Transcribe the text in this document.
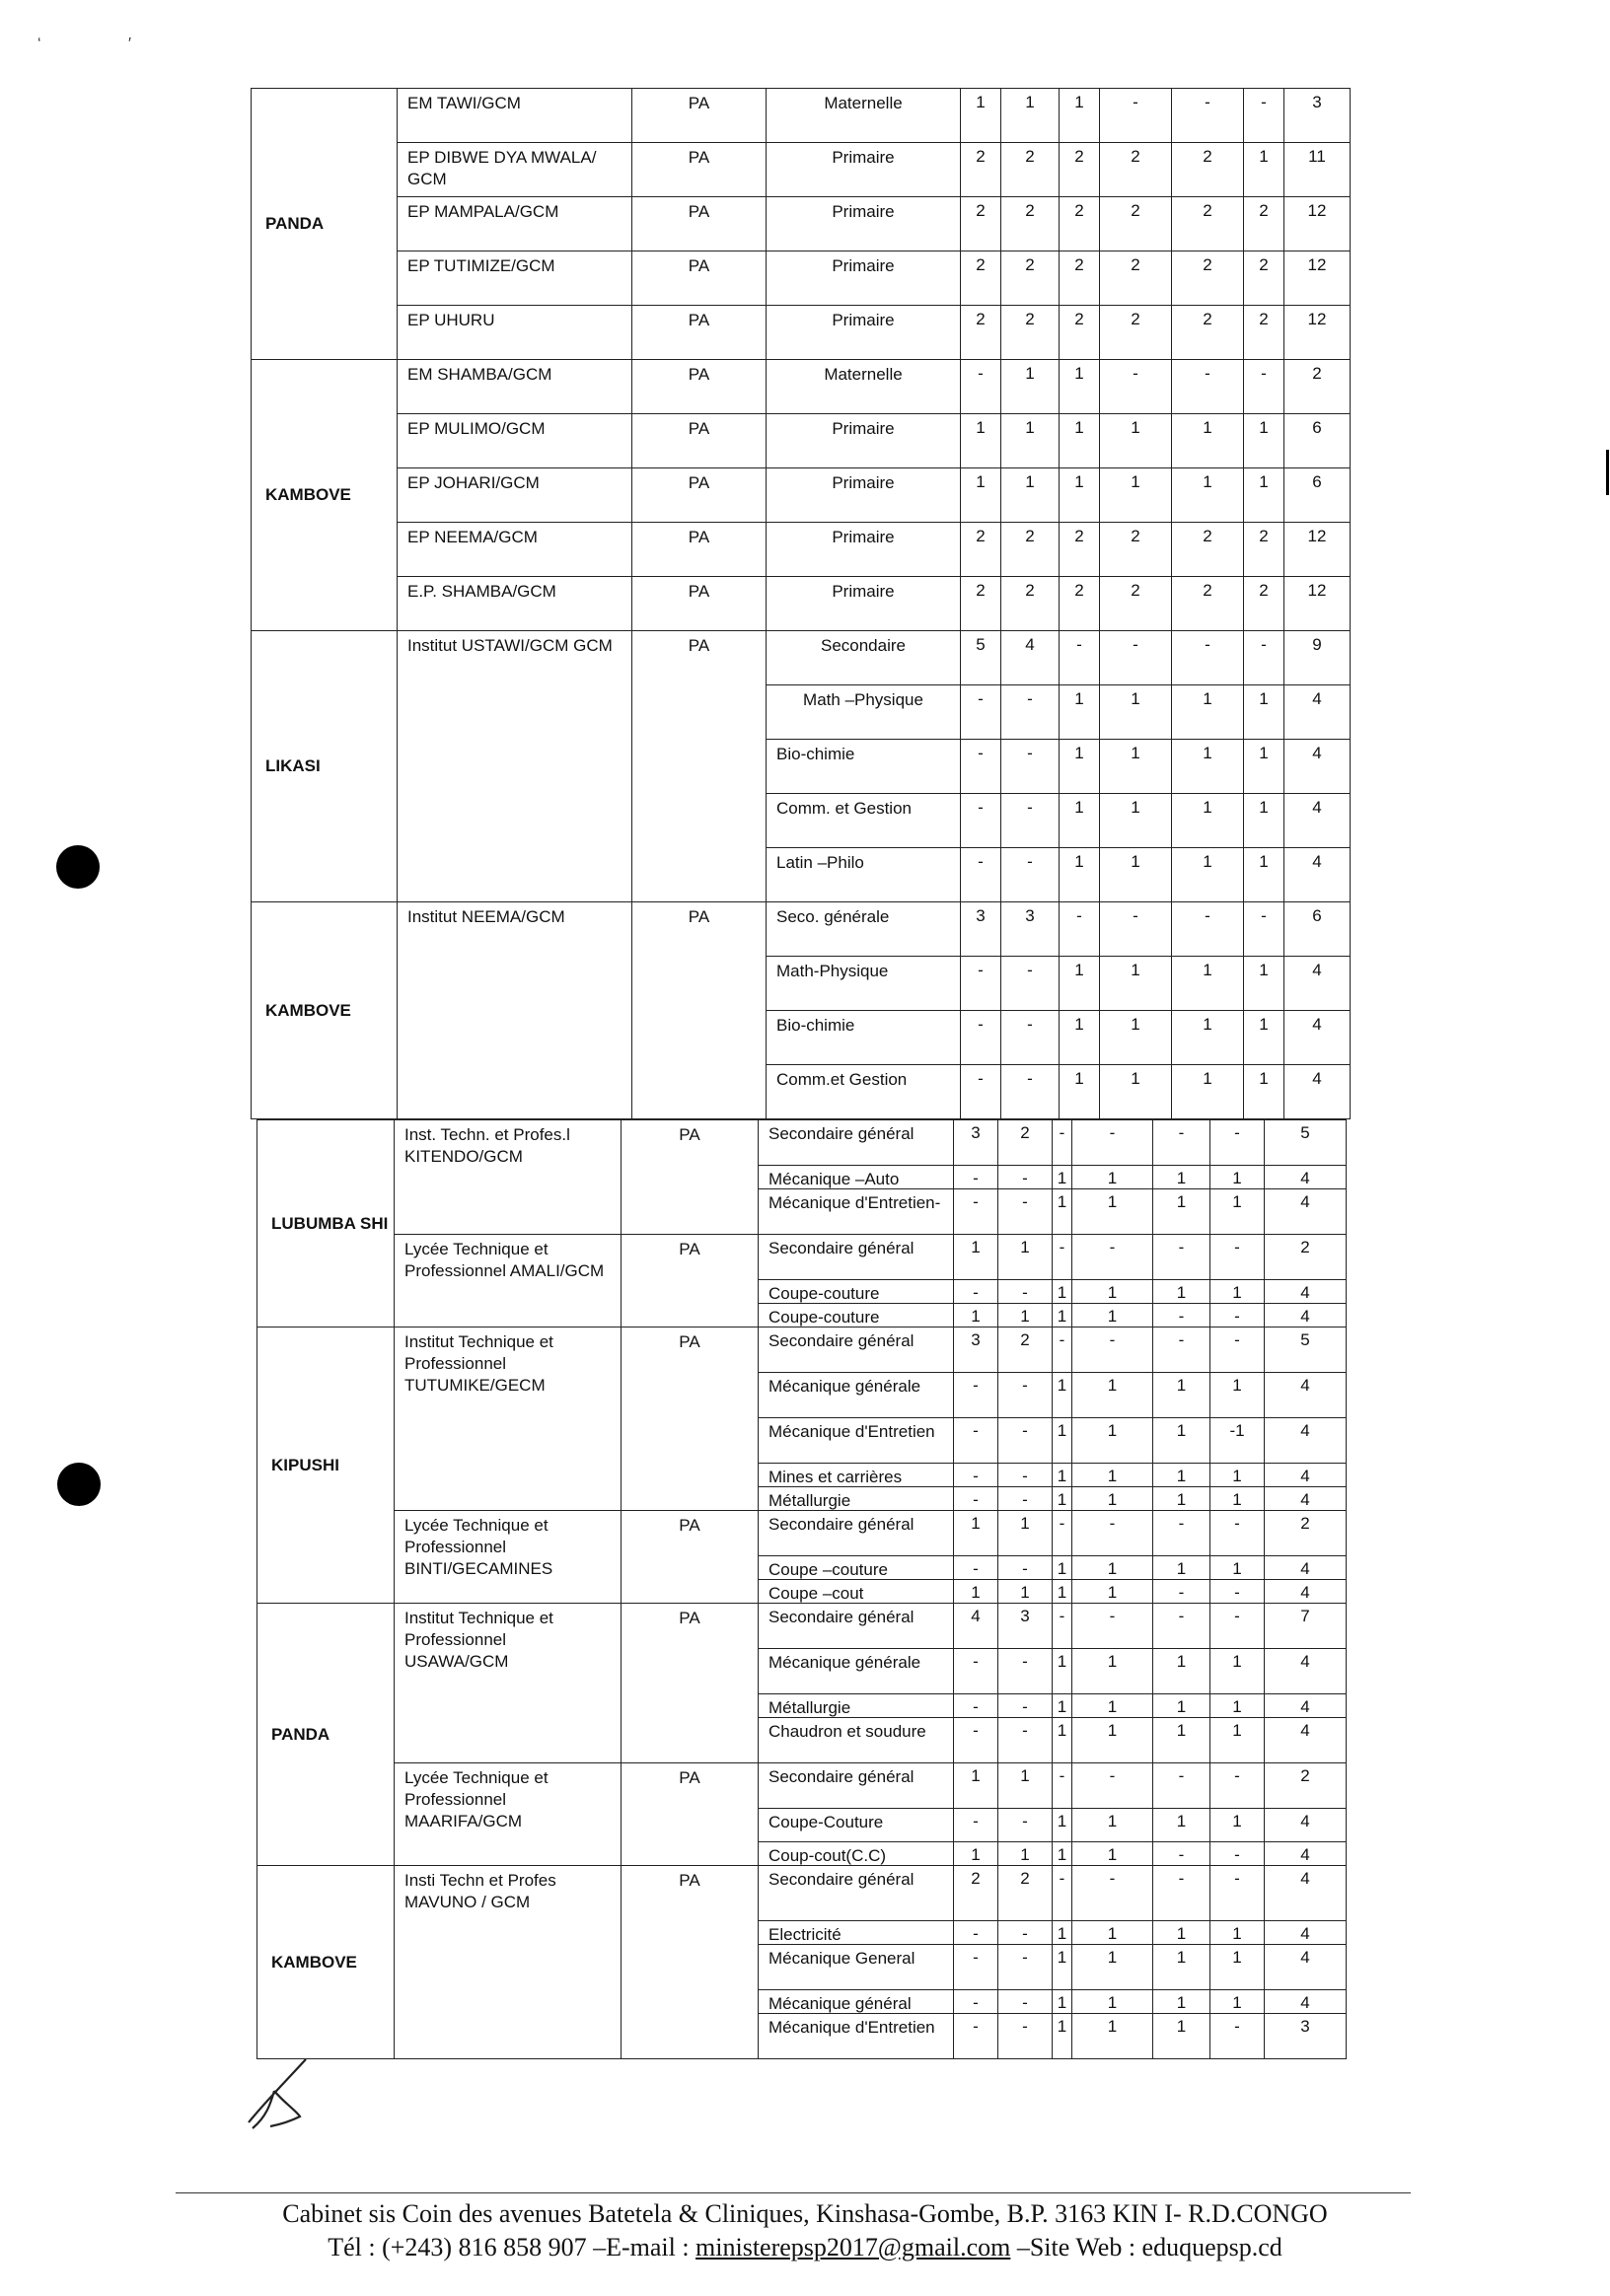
‘	′
PANDA	EM TAWI/GCM	PA	Maternelle	1	1	1	-	-	-	3
	EP DIBWE DYA MWALA/ GCM	PA	Primaire	2	2	2	2	2	1	11
	EP MAMPALA/GCM	PA	Primaire	2	2	2	2	2	2	12
	EP TUTIMIZE/GCM	PA	Primaire	2	2	2	2	2	2	12
	EP UHURU	PA	Primaire	2	2	2	2	2	2	12
KAMBOVE	EM SHAMBA/GCM	PA	Maternelle	-	1	1	-	-	-	2
	EP MULIMO/GCM	PA	Primaire	1	1	1	1	1	1	6
	EP JOHARI/GCM	PA	Primaire	1	1	1	1	1	1	6
	EP NEEMA/GCM	PA	Primaire	2	2	2	2	2	2	12
	E.P. SHAMBA/GCM	PA	Primaire	2	2	2	2	2	2	12
LIKASI	Institut USTAWI/GCM GCM	PA	Secondaire	5	4	-	-	-	-	9
			Math –Physique	-	-	1	1	1	1	4
			Bio-chimie	-	-	1	1	1	1	4
			Comm. et Gestion	-	-	1	1	1	1	4
			Latin –Philo	-	-	1	1	1	1	4
KAMBOVE	Institut NEEMA/GCM	PA	Seco. générale	3	3	-	-	-	-	6
			Math-Physique	-	-	1	1	1	1	4
			Bio-chimie	-	-	1	1	1	1	4
			Comm.et Gestion	-	-	1	1	1	1	4
LUBUMBA SHI	Inst. Techn. et Profes.l KITENDO/GCM	PA	Secondaire général	3	2	-	-	-	-	5
			Mécanique –Auto	-	-	1	1	1	1	4
			Mécanique d'Entretien-	-	-	1	1	1	1	4
	Lycée Technique et Professionnel AMALI/GCM	PA	Secondaire général	1	1	-	-	-	-	2
			Coupe-couture	-	-	1	1	1	1	4
			Coupe-couture	1	1	1	1	-	-	4
KIPUSHI	Institut Technique et Professionnel TUTUMIKE/GECM	PA	Secondaire général	3	2	-	-	-	-	5
			Mécanique générale	-	-	1	1	1	1	4
			Mécanique d'Entretien	-	-	1	1	1	-1	4
			Mines et carrières	-	-	1	1	1	1	4
			Métallurgie	-	-	1	1	1	1	4
	Lycée Technique et Professionnel BINTI/GECAMINES	PA	Secondaire général	1	1	-	-	-	-	2
			Coupe –couture	-	-	1	1	1	1	4
			Coupe –cout	1	1	1	1	-	-	4
PANDA	Institut Technique et Professionnel USAWA/GCM	PA	Secondaire général	4	3	-	-	-	-	7
			Mécanique générale	-	-	1	1	1	1	4
			Métallurgie	-	-	1	1	1	1	4
			Chaudron et soudure	-	-	1	1	1	1	4
	Lycée Technique et Professionnel MAARIFA/GCM	PA	Secondaire général	1	1	-	-	-	-	2
			Coupe-Couture	-	-	1	1	1	1	4
			Coup-cout(C.C)	1	1	1	1	-	-	4
KAMBOVE	Insti Techn et Profes MAVUNO / GCM	PA	Secondaire général	2	2	-	-	-	-	4
			Electricité	-	-	1	1	1	1	4
			Mécanique General	-	-	1	1	1	1	4
			Mécanique général	-	-	1	1	1	1	4
			Mécanique d'Entretien	-	-	1	1	1	-	3
Cabinet sis Coin des avenues Batetela & Cliniques, Kinshasa-Gombe, B.P. 3163 KIN I- R.D.CONGO
Tél : (+243) 816 858 907 –E-mail : ministerepsp2017@gmail.com –Site Web : eduquepsp.cd
